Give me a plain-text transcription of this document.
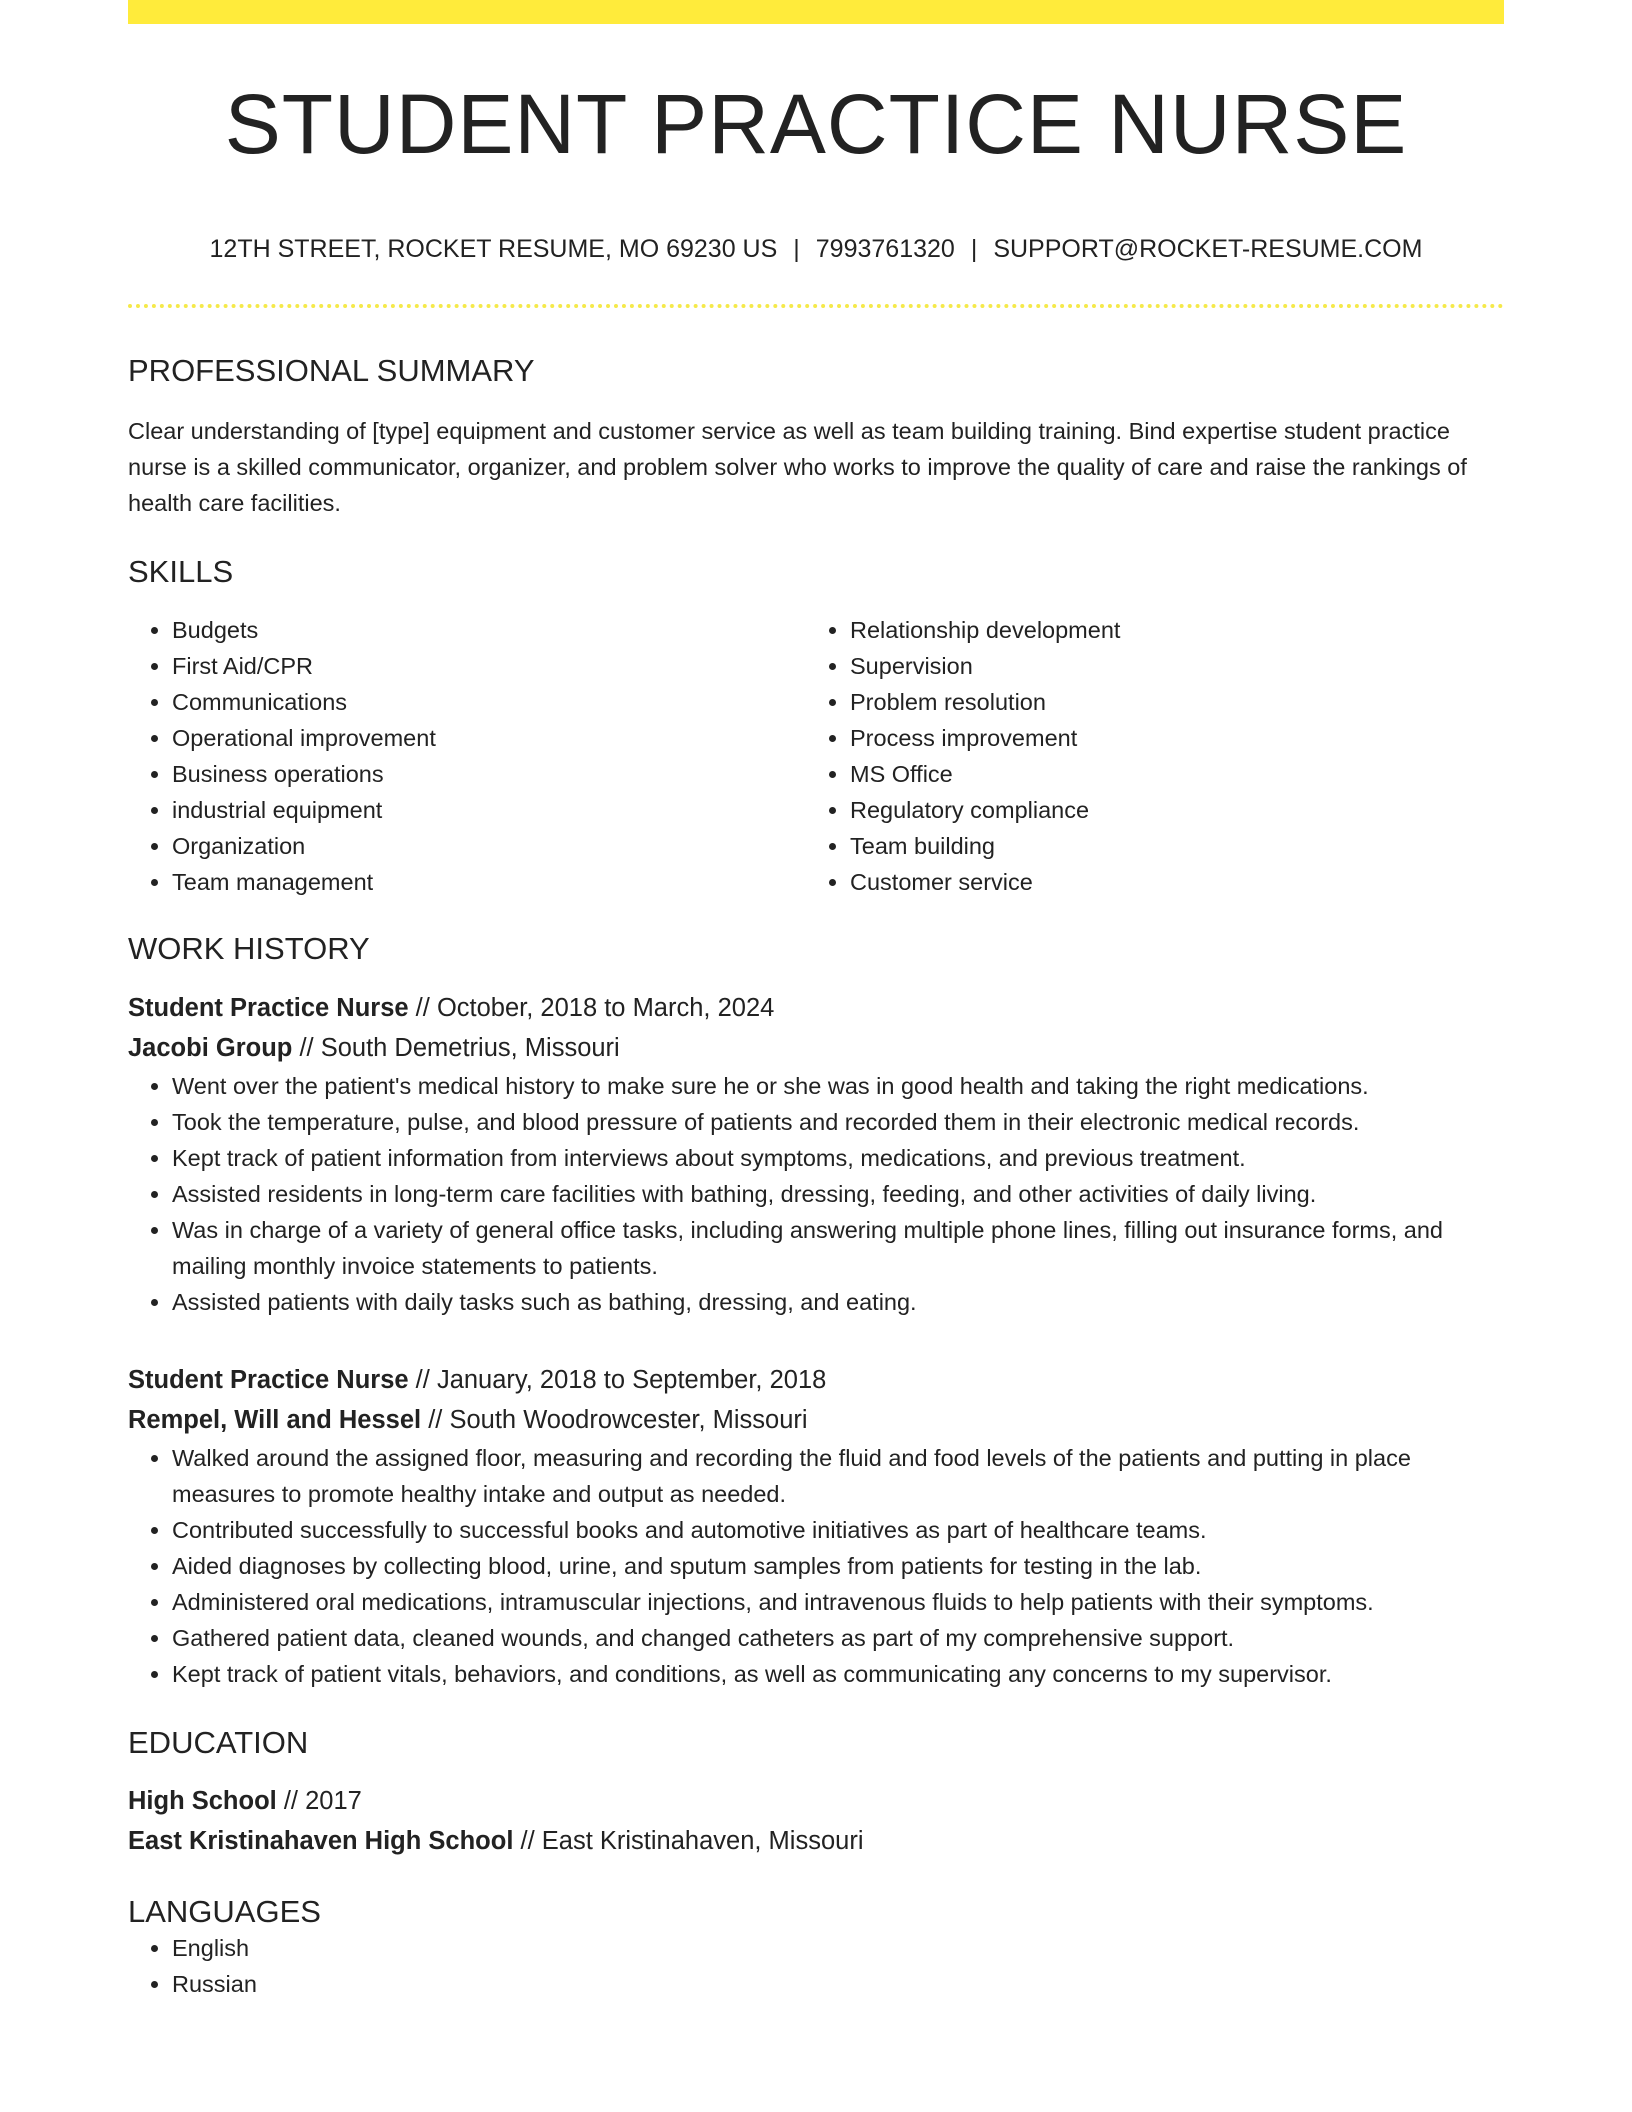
STUDENT PRACTICE NURSE
12TH STREET, ROCKET RESUME, MO 69230 US | 7993761320 | SUPPORT@ROCKET-RESUME.COM
PROFESSIONAL SUMMARY
Clear understanding of [type] equipment and customer service as well as team building training. Bind expertise student practice nurse is a skilled communicator, organizer, and problem solver who works to improve the quality of care and raise the rankings of health care facilities.
SKILLS
• Budgets
• First Aid/CPR
• Communications
• Operational improvement
• Business operations
• industrial equipment
• Organization
• Team management
• Relationship development
• Supervision
• Problem resolution
• Process improvement
• MS Office
• Regulatory compliance
• Team building
• Customer service
WORK HISTORY
Student Practice Nurse // October, 2018 to March, 2024
Jacobi Group // South Demetrius, Missouri
• Went over the patient's medical history to make sure he or she was in good health and taking the right medications.
• Took the temperature, pulse, and blood pressure of patients and recorded them in their electronic medical records.
• Kept track of patient information from interviews about symptoms, medications, and previous treatment.
• Assisted residents in long-term care facilities with bathing, dressing, feeding, and other activities of daily living.
• Was in charge of a variety of general office tasks, including answering multiple phone lines, filling out insurance forms, and mailing monthly invoice statements to patients.
• Assisted patients with daily tasks such as bathing, dressing, and eating.
Student Practice Nurse // January, 2018 to September, 2018
Rempel, Will and Hessel // South Woodrowcester, Missouri
• Walked around the assigned floor, measuring and recording the fluid and food levels of the patients and putting in place measures to promote healthy intake and output as needed.
• Contributed successfully to successful books and automotive initiatives as part of healthcare teams.
• Aided diagnoses by collecting blood, urine, and sputum samples from patients for testing in the lab.
• Administered oral medications, intramuscular injections, and intravenous fluids to help patients with their symptoms.
• Gathered patient data, cleaned wounds, and changed catheters as part of my comprehensive support.
• Kept track of patient vitals, behaviors, and conditions, as well as communicating any concerns to my supervisor.
EDUCATION
High School // 2017
East Kristinahaven High School // East Kristinahaven, Missouri
LANGUAGES
• English
• Russian
